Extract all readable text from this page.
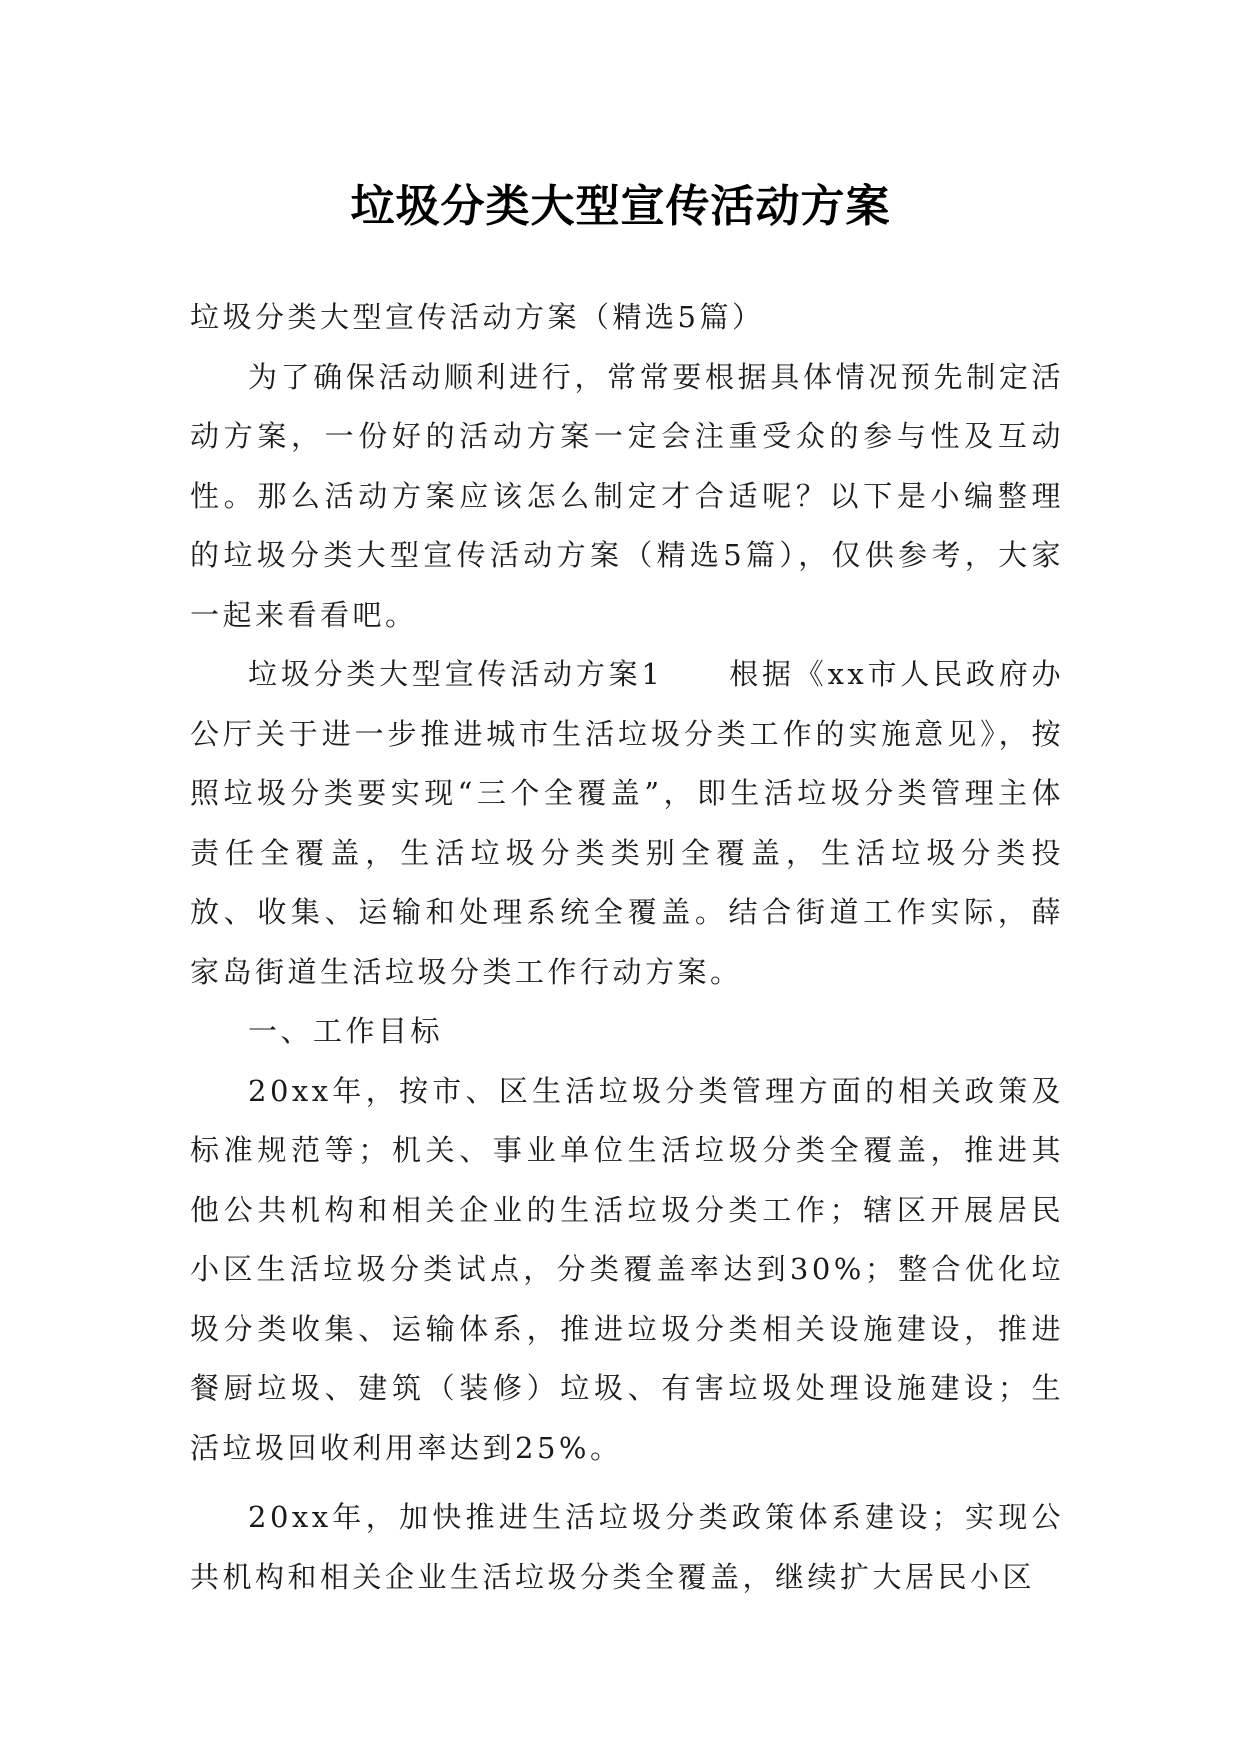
垃圾分类大型宣传活动方案

垃圾分类大型宣传活动方案（精选5篇）

为了确保活动顺利进行，常常要根据具体情况预先制定活动方案，一份好的活动方案一定会注重受众的参与性及互动性。那么活动方案应该怎么制定才合适呢？以下是小编整理的垃圾分类大型宣传活动方案（精选5篇），仅供参考，大家一起来看看吧。

垃圾分类大型宣传活动方案1　　根据《xx市人民政府办公厅关于进一步推进城市生活垃圾分类工作的实施意见》，按照垃圾分类要实现“三个全覆盖”，即生活垃圾分类管理主体责任全覆盖，生活垃圾分类类别全覆盖，生活垃圾分类投放、收集、运输和处理系统全覆盖。结合街道工作实际，薛家岛街道生活垃圾分类工作行动方案。

一、工作目标

20xx年，按市、区生活垃圾分类管理方面的相关政策及标准规范等；机关、事业单位生活垃圾分类全覆盖，推进其他公共机构和相关企业的生活垃圾分类工作；辖区开展居民小区生活垃圾分类试点，分类覆盖率达到30%；整合优化垃圾分类收集、运输体系，推进垃圾分类相关设施建设，推进餐厨垃圾、建筑（装修）垃圾、有害垃圾处理设施建设；生活垃圾回收利用率达到25%。

20xx年，加快推进生活垃圾分类政策体系建设；实现公共机构和相关企业生活垃圾分类全覆盖，继续扩大居民小区
